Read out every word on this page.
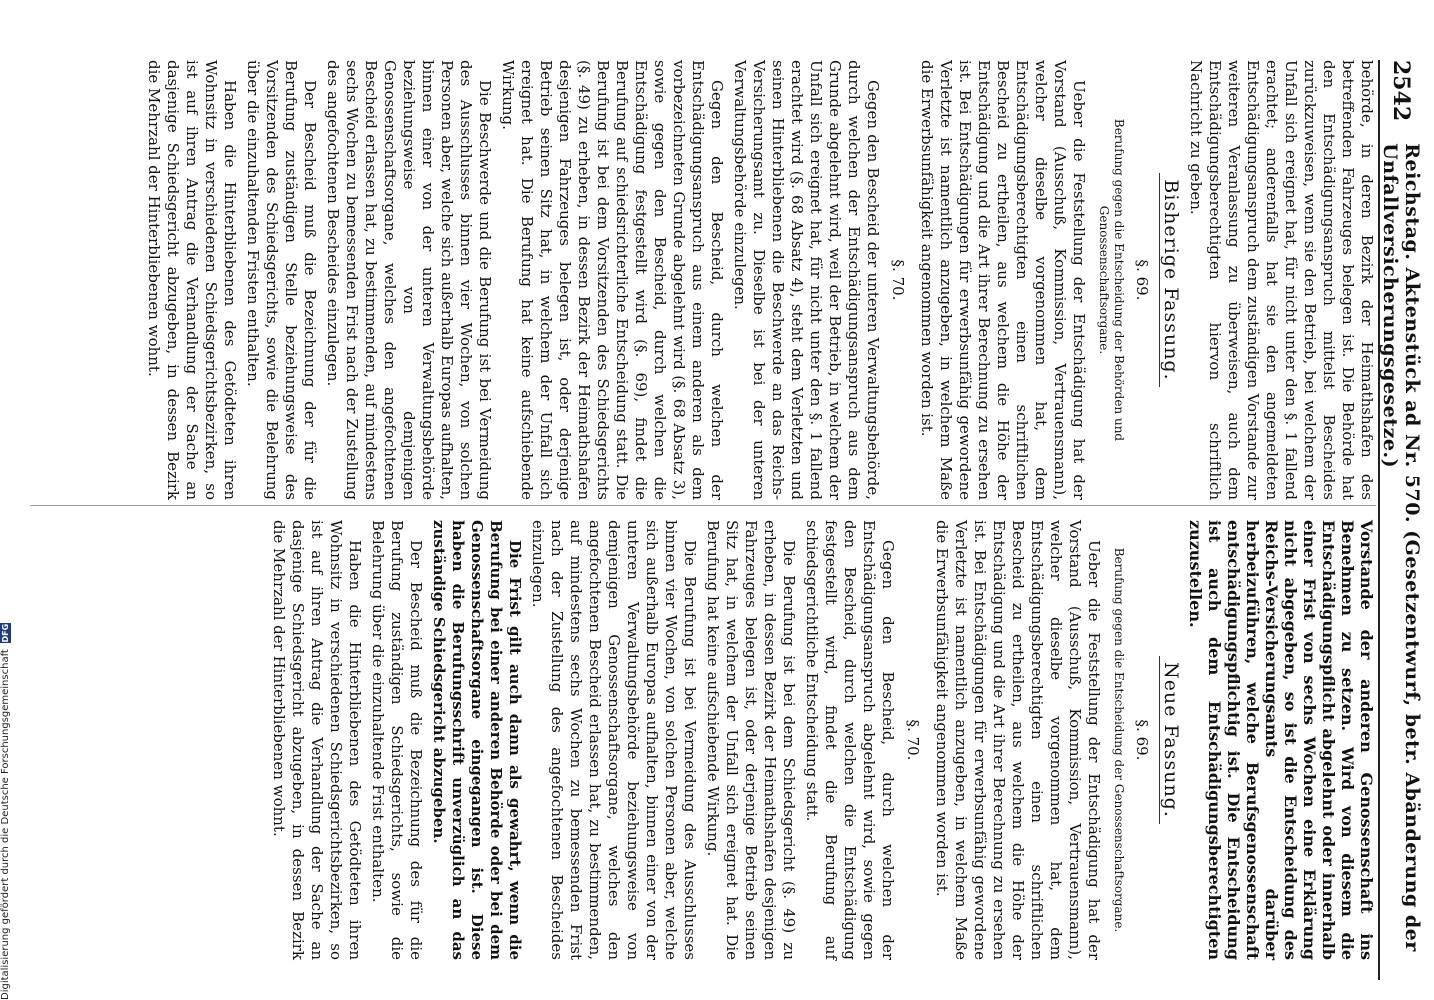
2542
Reichstag. Aktenstück ad Nr. 570. (Gesetzentwurf, betr. Abänderung der Unfallversicherungsgesetze.)

behörde, in deren Bezirk der Heimathshafen des betreffenden Fahrzeuges belegen ist. Die Behörde hat den Entschädigungsanspruch mittelst Bescheides zurückzuweisen, wenn sie den Betrieb, bei welchem der Unfall sich ereignet hat, für nicht unter den §. 1 fallend erachtet; anderenfalls hat sie den angemeldeten Entschädigungsanspruch dem zuständigen Vorstande zur weiteren Veranlassung zu überweisen, auch dem Entschädigungsberechtigten hiervon schriftlich Nachricht zu geben.

Bisherige Fassung.
§. 69.
Berufung gegen die Entscheidung der Behörden und Genossenschaftsorgane.

Ueber die Feststellung der Entschädigung hat der Vorstand (Ausschuß, Kommission, Vertrauensmann), welcher dieselbe vorgenommen hat, dem Entschädigungsberechtigten einen schriftlichen Bescheid zu ertheilen, aus welchem die Höhe der Entschädigung und die Art ihrer Berechnung zu ersehen ist. Bei Entschädigungen für erwerbsunfähig gewordene Verletzte ist namentlich anzugeben, in welchem Maße die Erwerbsunfähigkeit angenommen worden ist.

§. 70.

Gegen den Bescheid der unteren Verwaltungsbehörde, durch welchen der Entschädigungsanspruch aus dem Grunde abgelehnt wird, weil der Betrieb, in welchem der Unfall sich ereignet hat, für nicht unter den §. 1 fallend erachtet wird (§. 68 Absatz 4), steht dem Verletzten und seinen Hinterbliebenen die Beschwerde an das Reichs-Versicherungsamt zu. Dieselbe ist bei der unteren Verwaltungsbehörde einzulegen.

Gegen den Bescheid, durch welchen der Entschädigungsanspruch aus einem anderen als dem vorbezeichneten Grunde abgelehnt wird (§. 68 Absatz 3), sowie gegen den Bescheid, durch welchen die Entschädigung festgestellt wird (§. 69), findet die Berufung auf schiedsrichterliche Entscheidung statt. Die Berufung ist bei dem Vorsitzenden des Schiedsgerichts (§. 49) zu erheben, in dessen Bezirk der Heimathshafen desjenigen Fahrzeuges belegen ist, oder derjenige Betrieb seinen Sitz hat, in welchem der Unfall sich ereignet hat. Die Berufung hat keine aufschiebende Wirkung.

Die Beschwerde und die Berufung ist bei Vermeidung des Ausschlusses binnen vier Wochen, von solchen Personen aber, welche sich außerhalb Europas aufhalten, binnen einer von der unteren Verwaltungsbehörde beziehungsweise von demjenigen Genossenschaftsorgane, welches den angefochtenen Bescheid erlassen hat, zu bestimmenden, auf mindestens sechs Wochen zu bemessenden Frist nach der Zustellung des angefochtenen Bescheides einzulegen.

Der Bescheid muß die Bezeichnung der für die Berufung zuständigen Stelle beziehungsweise des Vorsitzenden des Schiedsgerichts, sowie die Belehrung über die einzuhaltenden Fristen enthalten.

Haben die Hinterbliebenen des Getödteten ihren Wohnsitz in verschiedenen Schiedsgerichtsbezirken, so ist auf ihren Antrag die Verhandlung der Sache an dasjenige Schiedsgericht abzugeben, in dessen Bezirk die Mehrzahl der Hinterbliebenen wohnt.

Vorstande der anderen Genossenschaft ins Benehmen zu setzen. Wird von diesem die Entschädigungspflicht abgelehnt oder innerhalb einer Frist von sechs Wochen eine Erklärung nicht abgegeben, so ist die Entscheidung des Reichs-Versicherungsamts darüber herbeizuführen, welche Berufsgenossenschaft entschädigungspflichtig ist. Die Entscheidung ist auch dem Entschädigungsberechtigten zuzustellen.

Neue Fassung.
§. 69.
Berufung gegen die Entscheidung der Genossenschaftsorgane.

Ueber die Feststellung der Entschädigung hat der Vorstand (Ausschuß, Kommission, Vertrauensmann), welcher dieselbe vorgenommen hat, dem Entschädigungsberechtigten einen schriftlichen Bescheid zu ertheilen, aus welchem die Höhe der Entschädigung und die Art ihrer Berechnung zu ersehen ist. Bei Entschädigungen für erwerbsunfähig gewordene Verletzte ist namentlich anzugeben, in welchem Maße die Erwerbsunfähigkeit angenommen worden ist.

§. 70.

Gegen den Bescheid, durch welchen der Entschädigungsanspruch abgelehnt wird, sowie gegen den Bescheid, durch welchen die Entschädigung festgestellt wird, findet die Berufung auf schiedsgerichtliche Entscheidung statt.

Die Berufung ist bei dem Schiedsgericht (§. 49) zu erheben, in dessen Bezirk der Heimathshafen desjenigen Fahrzeuges belegen ist, oder derjenige Betrieb seinen Sitz hat, in welchem der Unfall sich ereignet hat. Die Berufung hat keine aufschiebende Wirkung.

Die Berufung ist bei Vermeidung des Ausschlusses binnen vier Wochen, von solchen Personen aber, welche sich außerhalb Europas aufhalten, binnen einer von der unteren Verwaltungsbehörde beziehungsweise von demjenigen Genossenschaftsorgane, welches den angefochtenen Bescheid erlassen hat, zu bestimmenden, auf mindestens sechs Wochen zu bemessenden Frist nach der Zustellung des angefochtenen Bescheides einzulegen.

Die Frist gilt auch dann als gewahrt, wenn die Berufung bei einer anderen Behörde oder bei dem Genossenschaftsorgane eingegangen ist. Diese haben die Berufungsschrift unverzüglich an das zuständige Schiedsgericht abzugeben.

Der Bescheid muß die Bezeichnung des für die Berufung zuständigen Schiedsgerichts, sowie die Belehrung über die einzuhaltende Frist enthalten.

Haben die Hinterbliebenen des Getödteten ihren Wohnsitz in verschiedenen Schiedsgerichtsbezirken, so ist auf ihren Antrag die Verhandlung der Sache an dasjenige Schiedsgericht abzugeben, in dessen Bezirk die Mehrzahl der Hinterbliebenen wohnt.

Digitalisierung gefördert durch die Deutsche Forschungsgemeinschaft
DFG
